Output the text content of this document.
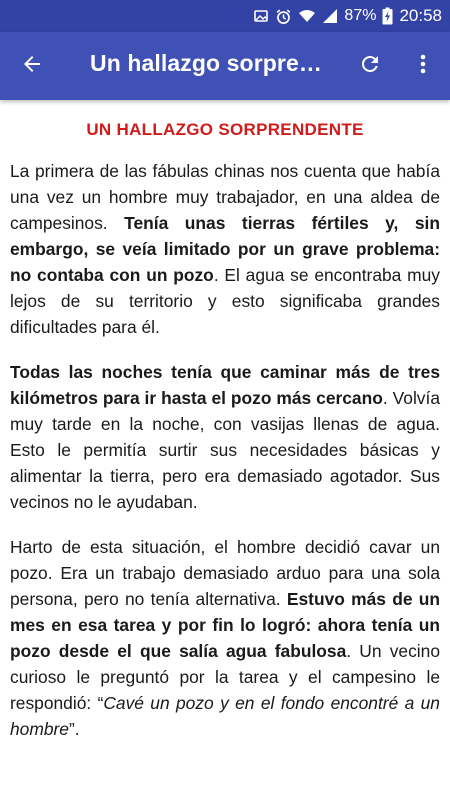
87% 20:58
Un hallazgo sorpre…
UN HALLAZGO SORPRENDENTE

La primera de las fábulas chinas nos cuenta que había una vez un hombre muy trabajador, en una aldea de campesinos. Tenía unas tierras fértiles y, sin embargo, se veía limitado por un grave problema: no contaba con un pozo. El agua se encontraba muy lejos de su territorio y esto significaba grandes dificultades para él.

Todas las noches tenía que caminar más de tres kilómetros para ir hasta el pozo más cercano. Volvía muy tarde en la noche, con vasijas llenas de agua. Esto le permitía surtir sus necesidades básicas y alimentar la tierra, pero era demasiado agotador. Sus vecinos no le ayudaban.

Harto de esta situación, el hombre decidió cavar un pozo. Era un trabajo demasiado arduo para una sola persona, pero no tenía alternativa. Estuvo más de un mes en esa tarea y por fin lo logró: ahora tenía un pozo desde el que salía agua fabulosa. Un vecino curioso le preguntó por la tarea y el campesino le respondió: “Cavé un pozo y en el fondo encontré a un hombre”.
